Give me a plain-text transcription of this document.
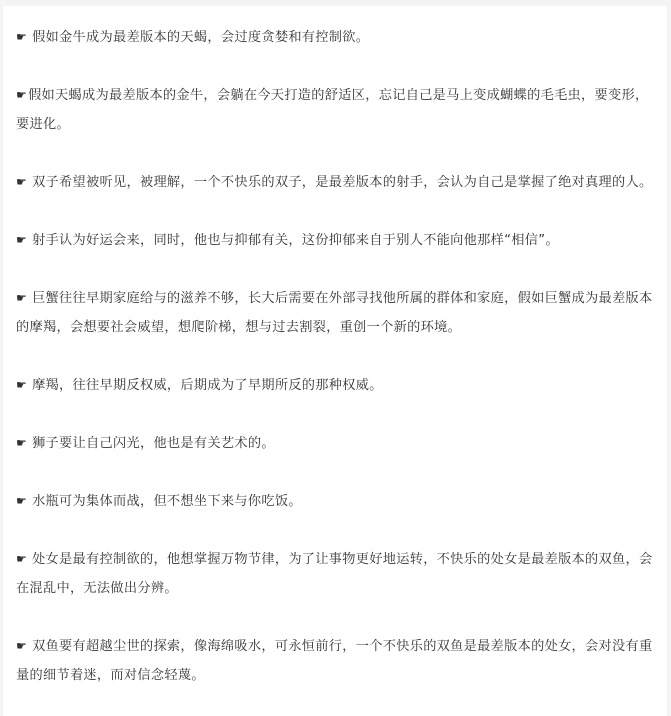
☛ 假如金牛成为最差版本的天蝎，会过度贪婪和有控制欲。

☛假如天蝎成为最差版本的金牛，会躺在今天打造的舒适区，忘记自己是马上变成蝴蝶的毛毛虫，要变形，要进化。

☛ 双子希望被听见，被理解，一个不快乐的双子，是最差版本的射手，会认为自己是掌握了绝对真理的人。

☛ 射手认为好运会来，同时，他也与抑郁有关，这份抑郁来自于别人不能向他那样“相信”。

☛ 巨蟹往往早期家庭给与的滋养不够，长大后需要在外部寻找他所属的群体和家庭，假如巨蟹成为最差版本的摩羯，会想要社会威望，想爬阶梯，想与过去割裂，重创一个新的环境。

☛ 摩羯，往往早期反权威，后期成为了早期所反的那种权威。

☛ 狮子要让自己闪光，他也是有关艺术的。

☛ 水瓶可为集体而战，但不想坐下来与你吃饭。

☛ 处女是最有控制欲的，他想掌握万物节律，为了让事物更好地运转，不快乐的处女是最差版本的双鱼，会在混乱中，无法做出分辨。

☛ 双鱼要有超越尘世的探索，像海绵吸水，可永恒前行，一个不快乐的双鱼是最差版本的处女，会对没有重量的细节着迷，而对信念轻蔑。
